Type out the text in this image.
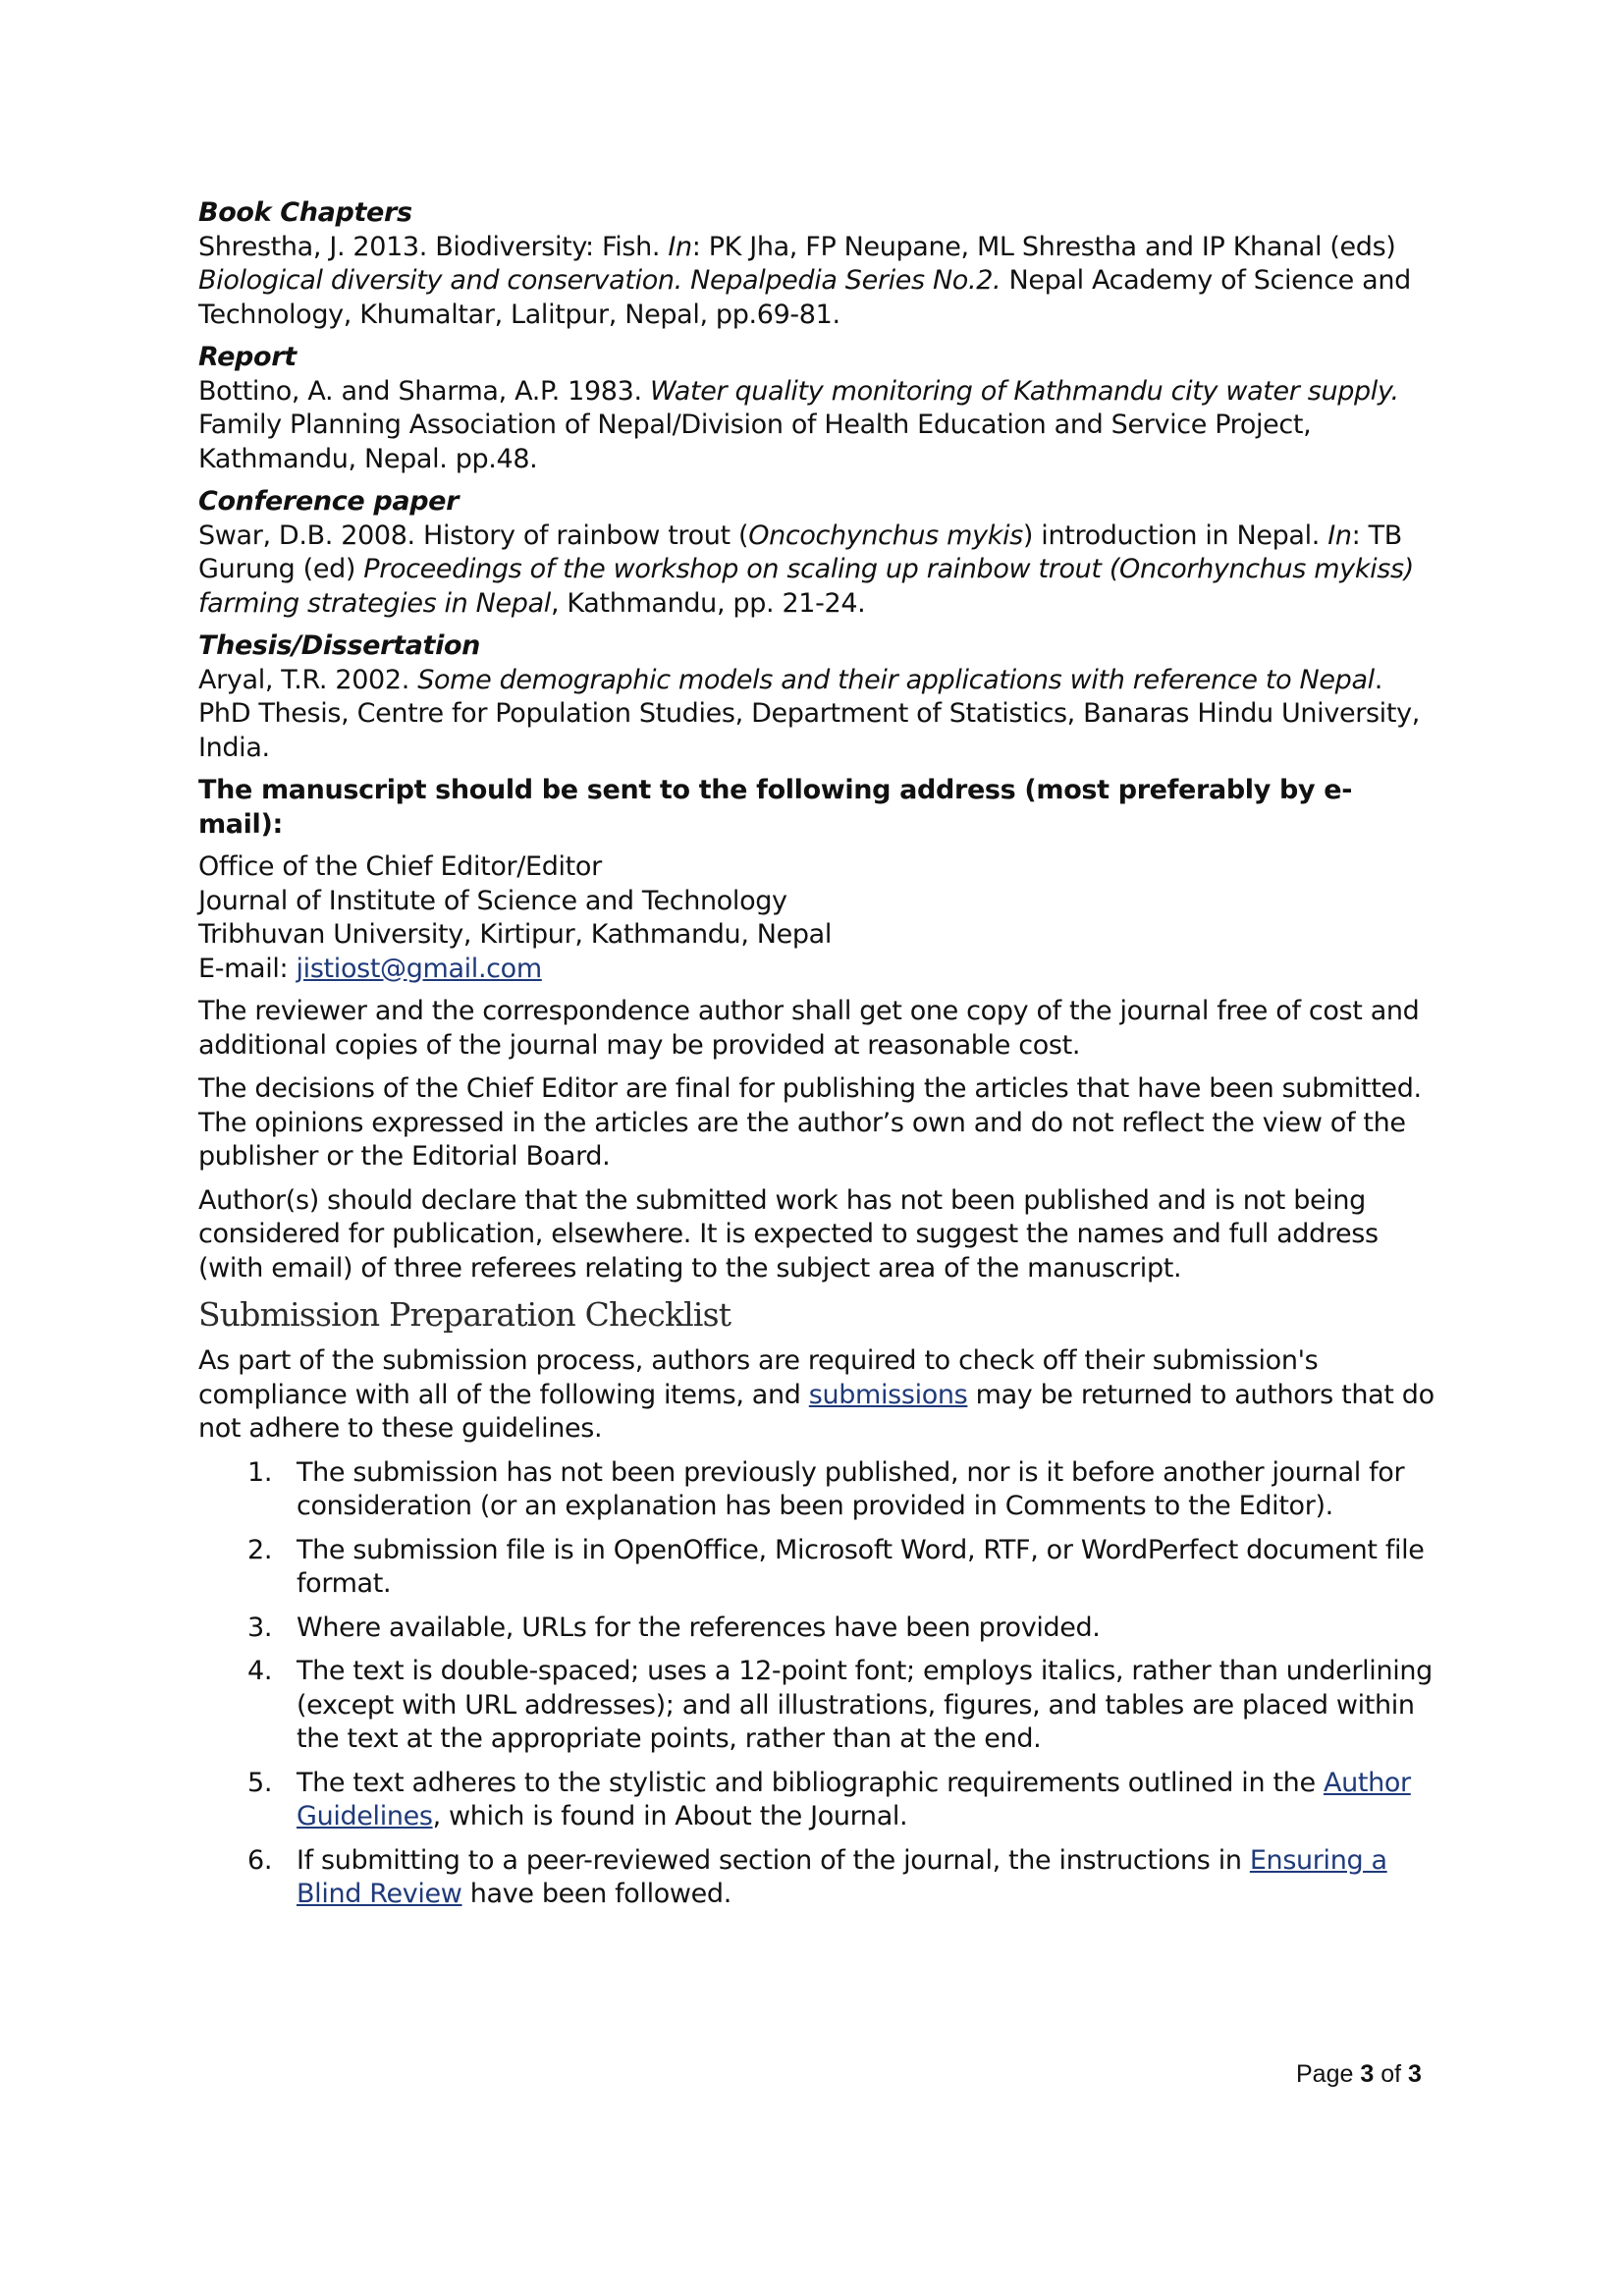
Book Chapters

Shrestha, J. 2013. Biodiversity: Fish. In: PK Jha, FP Neupane, ML Shrestha and IP Khanal (eds) Biological diversity and conservation. Nepalpedia Series No.2. Nepal Academy of Science and Technology, Khumaltar, Lalitpur, Nepal, pp.69-81.

Report

Bottino, A. and Sharma, A.P. 1983. Water quality monitoring of Kathmandu city water supply. Family Planning Association of Nepal/Division of Health Education and Service Project, Kathmandu, Nepal. pp.48.

Conference paper

Swar, D.B. 2008. History of rainbow trout (Oncochynchus mykis) introduction in Nepal. In: TB Gurung (ed) Proceedings of the workshop on scaling up rainbow trout (Oncorhynchus mykiss) farming strategies in Nepal, Kathmandu, pp. 21-24.

Thesis/Dissertation

Aryal, T.R. 2002. Some demographic models and their applications with reference to Nepal. PhD Thesis, Centre for Population Studies, Department of Statistics, Banaras Hindu University, India.

The manuscript should be sent to the following address (most preferably by e-mail):

Office of the Chief Editor/Editor
Journal of Institute of Science and Technology
Tribhuvan University, Kirtipur, Kathmandu, Nepal
E-mail: jistiost@gmail.com

The reviewer and the correspondence author shall get one copy of the journal free of cost and additional copies of the journal may be provided at reasonable cost.

The decisions of the Chief Editor are final for publishing the articles that have been submitted. The opinions expressed in the articles are the author’s own and do not reflect the view of the publisher or the Editorial Board.

Author(s) should declare that the submitted work has not been published and is not being considered for publication, elsewhere. It is expected to suggest the names and full address (with email) of three referees relating to the subject area of the manuscript.

Submission Preparation Checklist

As part of the submission process, authors are required to check off their submission's compliance with all of the following items, and submissions may be returned to authors that do not adhere to these guidelines.

1. The submission has not been previously published, nor is it before another journal for consideration (or an explanation has been provided in Comments to the Editor).
2. The submission file is in OpenOffice, Microsoft Word, RTF, or WordPerfect document file format.
3. Where available, URLs for the references have been provided.
4. The text is double-spaced; uses a 12-point font; employs italics, rather than underlining (except with URL addresses); and all illustrations, figures, and tables are placed within the text at the appropriate points, rather than at the end.
5. The text adheres to the stylistic and bibliographic requirements outlined in the Author Guidelines, which is found in About the Journal.
6. If submitting to a peer-reviewed section of the journal, the instructions in Ensuring a Blind Review have been followed.
Page 3 of 3
